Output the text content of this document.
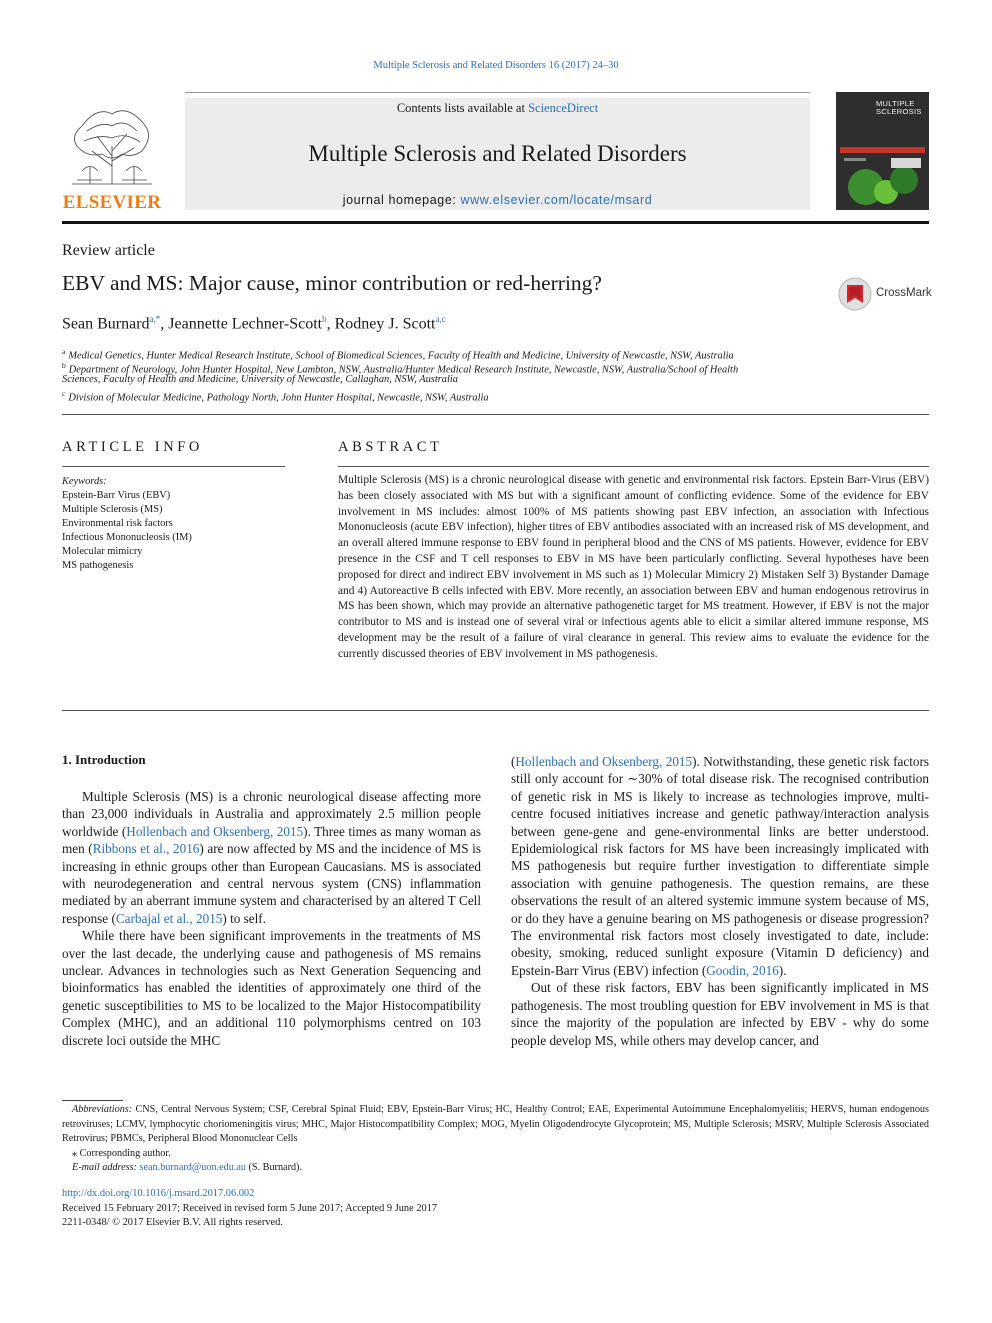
Multiple Sclerosis and Related Disorders 16 (2017) 24–30
ELSEVIER
Contents lists available at ScienceDirect
Multiple Sclerosis and Related Disorders
journal homepage: www.elsevier.com/locate/msard
MULTIPLE
SCLEROSIS
Review article
EBV and MS: Major cause, minor contribution or red-herring?	CrossMark
Sean Burnard$^{a,*}$, Jeannette Lechner-Scott$^b$, Rodney J. Scott$^{a,c}$
$^a$ Medical Genetics, Hunter Medical Research Institute, School of Biomedical Sciences, Faculty of Health and Medicine, University of Newcastle, NSW, Australia
$^b$ Department of Neurology, John Hunter Hospital, New Lambton, NSW, Australia/Hunter Medical Research Institute, Newcastle, NSW, Australia/School of Health
Sciences, Faculty of Health and Medicine, University of Newcastle, Callaghan, NSW, Australia
$^c$ Division of Molecular Medicine, Pathology North, John Hunter Hospital, Newcastle, NSW, Australia
ARTICLE INFO
Keywords:
Epstein-Barr Virus (EBV)
Multiple Sclerosis (MS)
Environmental risk factors
Infectious Mononucleosis (IM)
Molecular mimicry
MS pathogenesis
ABSTRACT
Multiple Sclerosis (MS) is a chronic neurological disease with genetic and environmental risk factors. Epstein Barr-Virus (EBV) has been closely associated with MS but with a significant amount of conflicting evidence. Some of the evidence for EBV involvement in MS includes: almost 100% of MS patients showing past EBV infection, an association with Infectious Mononucleosis (acute EBV infection), higher titres of EBV antibodies associated with an increased risk of MS development, and an overall altered immune response to EBV found in peripheral blood and the CNS of MS patients. However, evidence for EBV presence in the CSF and T cell responses to EBV in MS have been particularly conflicting. Several hypotheses have been proposed for direct and indirect EBV involvement in MS such as 1) Molecular Mimicry 2) Mistaken Self 3) Bystander Damage and 4) Autoreactive B cells infected with EBV. More recently, an association between EBV and human endogenous retrovirus in MS has been shown, which may provide an alternative pathogenetic target for MS treatment. However, if EBV is not the major contributor to MS and is instead one of several viral or infectious agents able to elicit a similar altered immune response, MS development may be the result of a failure of viral clearance in general. This review aims to evaluate the evidence for the currently discussed theories of EBV involvement in MS pathogenesis.
1. Introduction

Multiple Sclerosis (MS) is a chronic neurological disease affecting more than 23,000 individuals in Australia and approximately 2.5 million people worldwide (Hollenbach and Oksenberg, 2015). Three times as many woman as men (Ribbons et al., 2016) are now affected by MS and the incidence of MS is increasing in ethnic groups other than European Caucasians. MS is associated with neurodegeneration and central nervous system (CNS) inflammation mediated by an aberrant immune system and characterised by an altered T Cell response (Carbajal et al., 2015) to self.

While there have been significant improvements in the treatments of MS over the last decade, the underlying cause and pathogenesis of MS remains unclear. Advances in technologies such as Next Generation Sequencing and bioinformatics has enabled the identities of approximately one third of the genetic susceptibilities to MS to be localized to the Major Histocompatibility Complex (MHC), and an additional 110 polymorphisms centred on 103 discrete loci outside the MHC

(Hollenbach and Oksenberg, 2015). Notwithstanding, these genetic risk factors still only account for ∼30% of total disease risk. The recognised contribution of genetic risk in MS is likely to increase as technologies improve, multi-centre focused initiatives increase and genetic pathway/interaction analysis between gene-gene and gene-environmental links are better understood. Epidemiological risk factors for MS have been increasingly implicated with MS pathogenesis but require further investigation to differentiate simple association with genuine pathogenesis. The question remains, are these observations the result of an altered systemic immune system because of MS, or do they have a genuine bearing on MS pathogenesis or disease progression? The environmental risk factors most closely investigated to date, include: obesity, smoking, reduced sunlight exposure (Vitamin D deficiency) and Epstein-Barr Virus (EBV) infection (Goodin, 2016).

Out of these risk factors, EBV has been significantly implicated in MS pathogenesis. The most troubling question for EBV involvement in MS is that since the majority of the population are infected by EBV - why do some people develop MS, while others may develop cancer, and

Abbreviations: CNS, Central Nervous System; CSF, Cerebral Spinal Fluid; EBV, Epstein-Barr Virus; HC, Healthy Control; EAE, Experimental Autoimmune Encephalomyelitis; HERVS, human endogenous retroviruses; LCMV, lymphocytic choriomeningitis virus; MHC, Major Histocompatibility Complex; MOG, Myelin Oligodendrocyte Glycoprotein; MS, Multiple Sclerosis; MSRV, Multiple Sclerosis Associated Retrovirus; PBMCs, Peripheral Blood Mononuclear Cells

⁎ Corresponding author.

E-mail address: sean.burnard@uon.edu.au (S. Burnard).

http://dx.doi.org/10.1016/j.msard.2017.06.002

Received 15 February 2017; Received in revised form 5 June 2017; Accepted 9 June 2017

2211-0348/ © 2017 Elsevier B.V. All rights reserved.
